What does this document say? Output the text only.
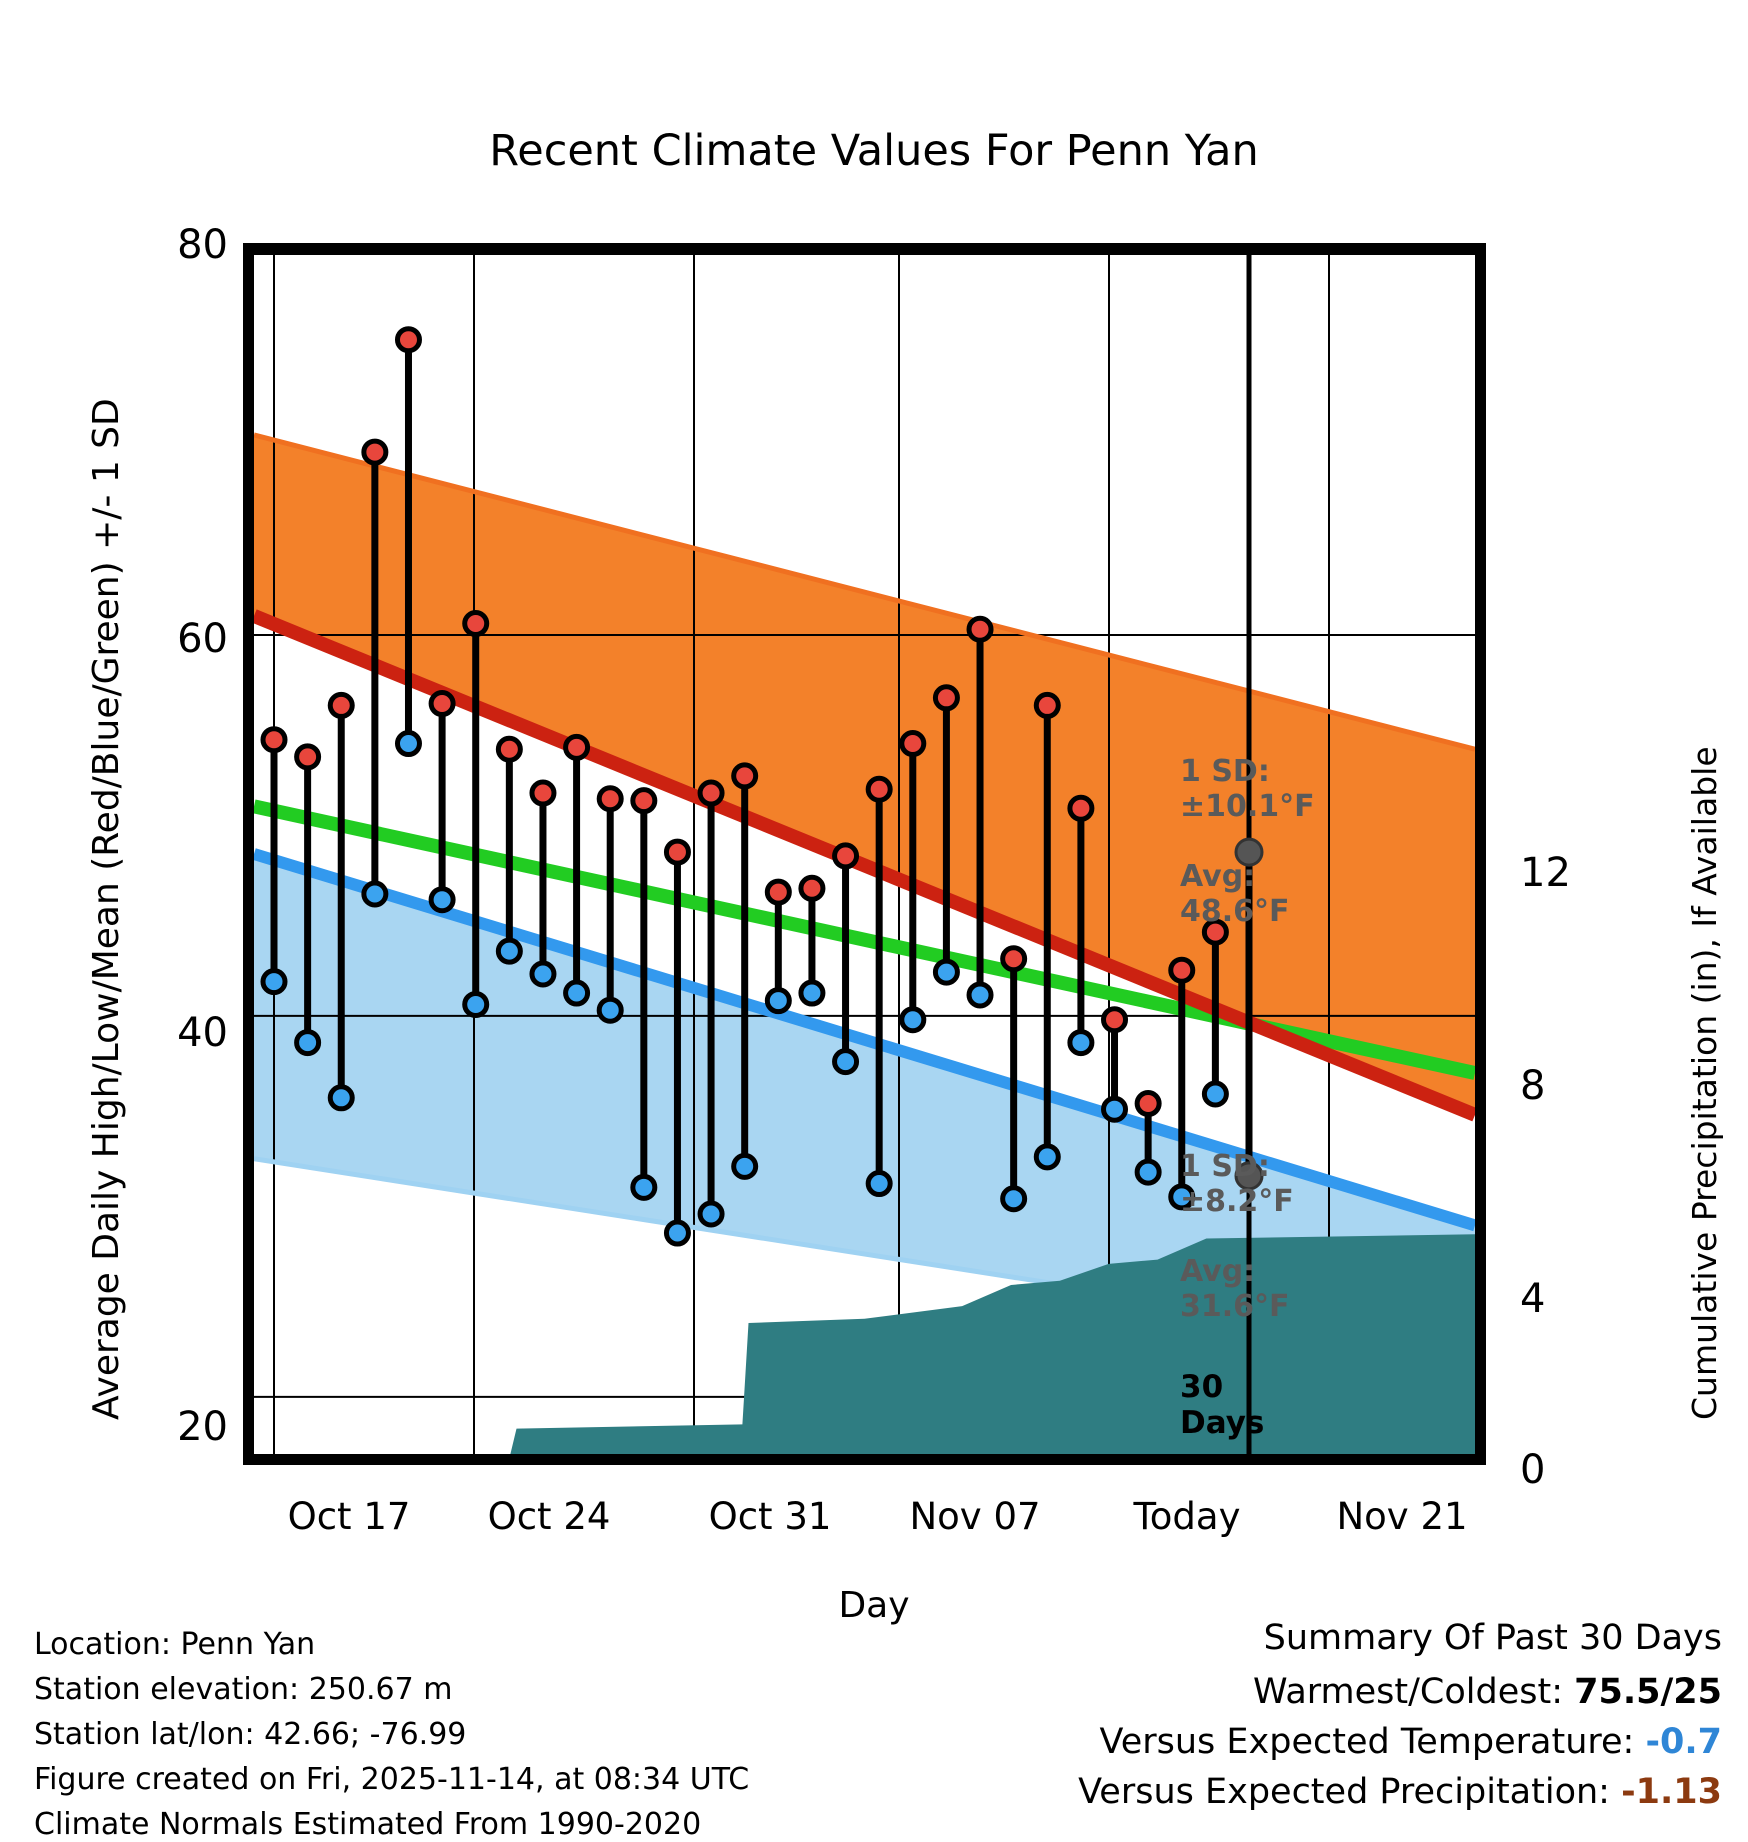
Recent Climate Values For Penn Yan
Average Daily High/Low/Mean (Red/Blue/Green) +/- 1 SD	Cumulative Precipitation (in), If Available
Day
80
60
40
20
12
8
4
0
Oct 17	Oct 24	Oct 31	Nov 07	Today	Nov 21
1 SD:
±10.1°F
Avg:
48.6°F
1 SD:
±8.2°F
Avg:
31.6°F
30
Days
Location: Penn Yan
Station elevation: 250.67 m
Station lat/lon: 42.66; -76.99
Figure created on Fri, 2025-11-14, at 08:34 UTC
Climate Normals Estimated From 1990-2020
Summary Of Past 30 Days
Warmest/Coldest: 75.5/25
Versus Expected Temperature: -0.7
Versus Expected Precipitation: -1.13
